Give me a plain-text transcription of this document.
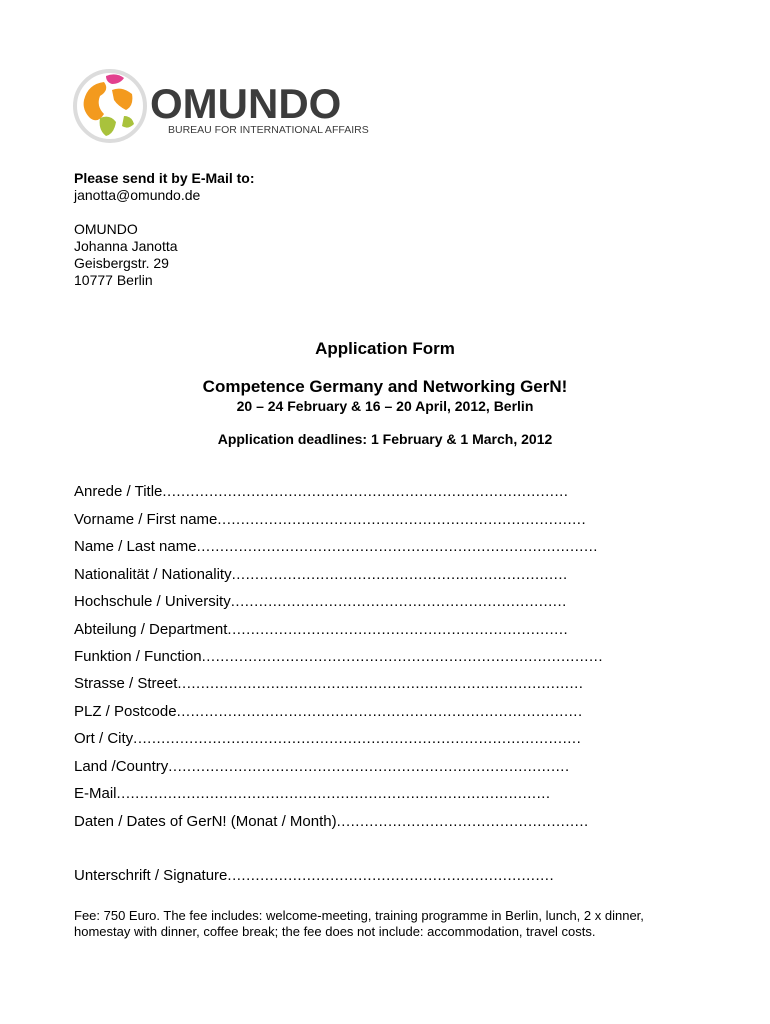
OMUNDO
BUREAU FOR INTERNATIONAL AFFAIRS
Please send it by E-Mail to:
janotta@omundo.de
OMUNDO
Johanna Janotta
Geisbergstr. 29
10777 Berlin
Application Form
Competence Germany and Networking GerN!
20 – 24 February & 16 – 20 April, 2012, Berlin
Application deadlines: 1 February & 1 March, 2012
Anrede / Title.......................................................................................
Vorname / First name...............................................................................
Name / Last name......................................................................................
Nationalität / Nationality........................................................................
Hochschule / University........................................................................
Abteilung / Department.........................................................................
Funktion / Function......................................................................................
Strasse / Street.......................................................................................
PLZ / Postcode.......................................................................................
Ort / City................................................................................................
Land /Country......................................................................................
E-Mail.............................................................................................
Daten / Dates of GerN! (Monat / Month)......................................................
Unterschrift / Signature......................................................................
Fee: 750 Euro. The fee includes: welcome-meeting, training programme in Berlin, lunch, 2 x dinner, homestay with dinner, coffee break; the fee does not include: accommodation, travel costs.
